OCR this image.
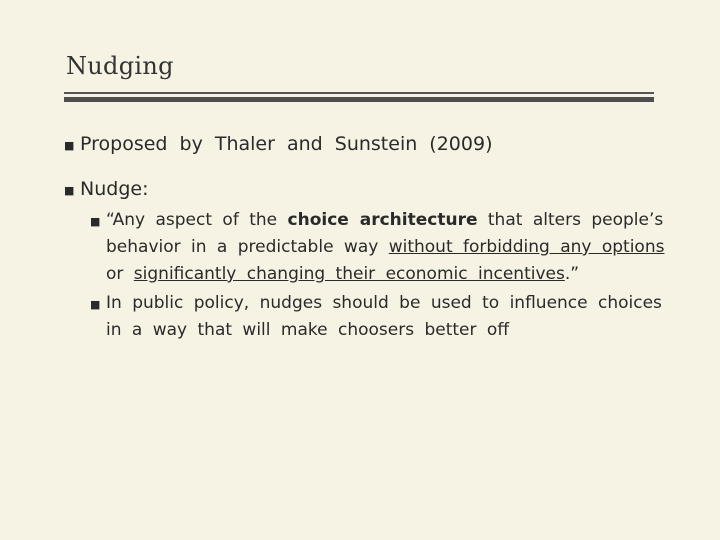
Nudging
■ Proposed by Thaler and Sunstein (2009)
■ Nudge:
■ “Any aspect of the choice architecture that alters people’s behavior in a predictable way without forbidding any options or significantly changing their economic incentives.”
■ In public policy, nudges should be used to influence choices in a way that will make choosers better off
